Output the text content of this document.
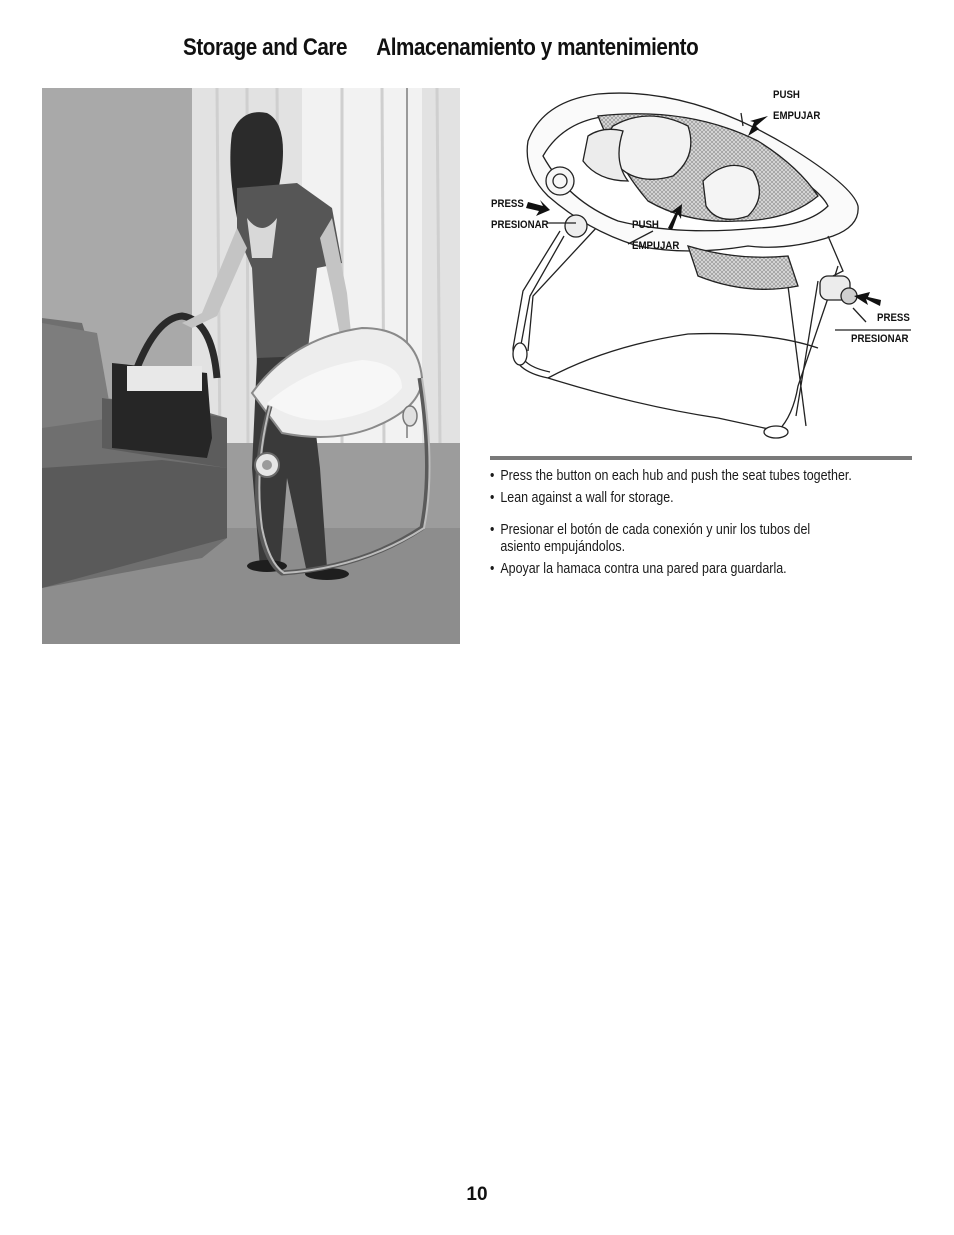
Storage and Care Almacenamiento y mantenimiento
PUSH
EMPUJAR
PRESS
PRESIONAR	PUSH
EMPUJAR
PRESS
PRESIONAR
• Press the button on each hub and push the seat tubes together.
• Lean against a wall for storage.
• Presionar el botón de cada conexión y unir los tubos del asiento empujándolos.
• Apoyar la hamaca contra una pared para guardarla.
10
